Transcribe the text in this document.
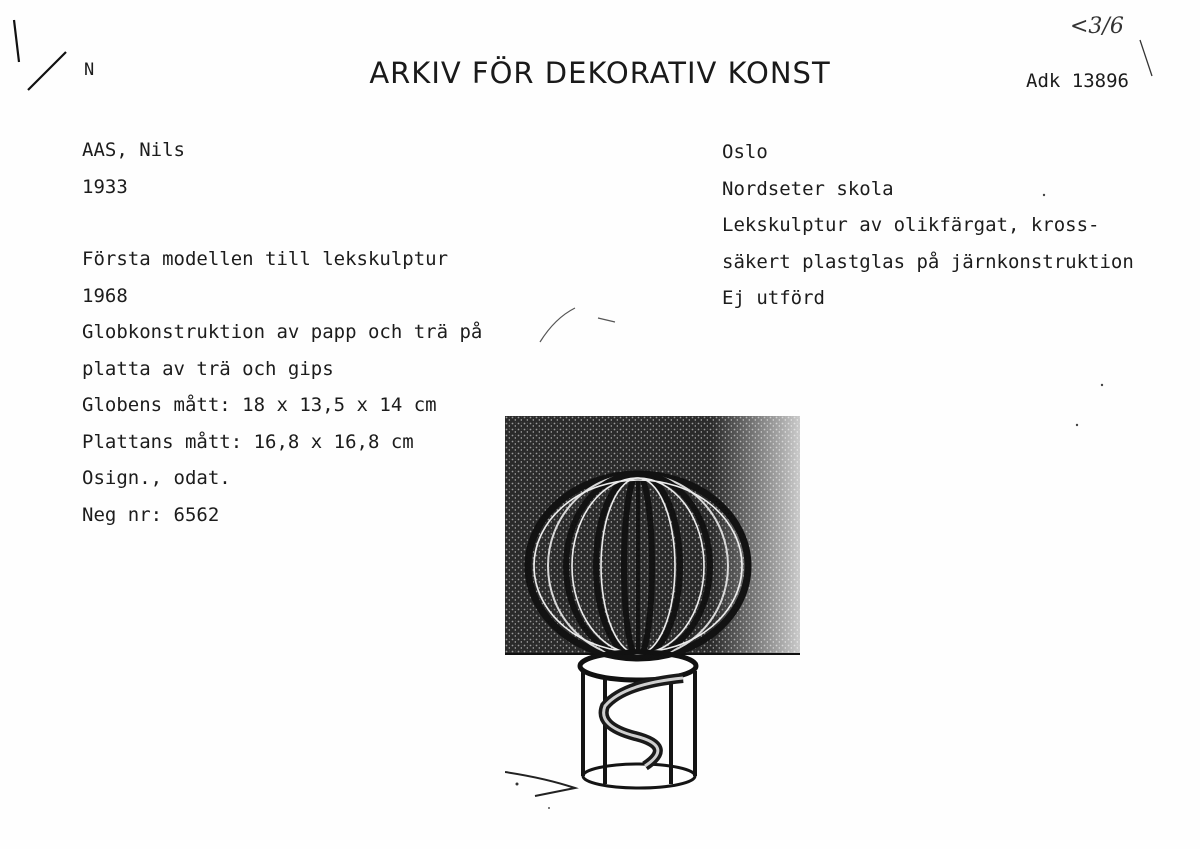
N	ARKIV FÖR DEKORATIV KONST
<3/6
Adk 13896
AAS, Nils
1933
Första modellen till lekskulptur
1968
Globkonstruktion av papp och trä på
platta av trä och gips
Globens mått: 18 x 13,5 x 14 cm
Plattans mått: 16,8 x 16,8 cm
Osign., odat.
Neg nr: 6562
Oslo
Nordseter skola
Lekskulptur av olikfärgat, kross-
säkert plastglas på järnkonstruktion
Ej utförd
